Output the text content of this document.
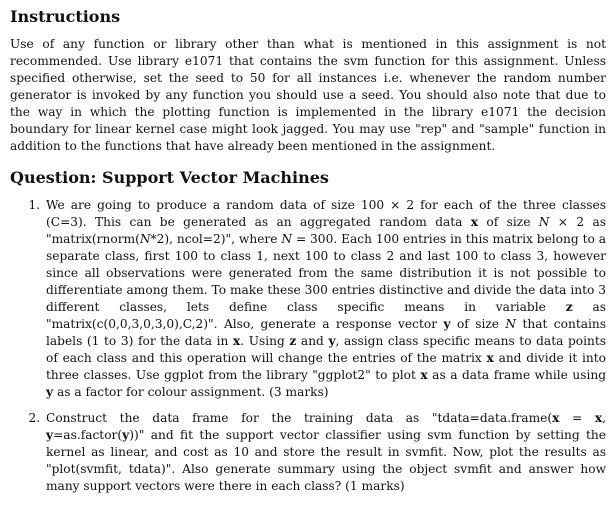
Instructions

Use of any function or library other than what is mentioned in this assignment is not recommended. Use library e1071 that contains the svm function for this assignment. Unless specified otherwise, set the seed to 50 for all instances i.e. whenever the random number generator is invoked by any function you should use a seed. You should also note that due to the way in which the plotting function is implemented in the library e1071 the decision boundary for linear kernel case might look jagged. You may use "rep" and "sample" function in addition to the functions that have already been mentioned in the assignment.

Question: Support Vector Machines
1. We are going to produce a random data of size 100 × 2 for each of the three classes (C=3). This can be generated as an aggregated random data x of size N × 2 as "matrix(rnorm(N*2), ncol=2)", where N = 300. Each 100 entries in this matrix belong to a separate class, first 100 to class 1, next 100 to class 2 and last 100 to class 3, however since all observations were generated from the same distribution it is not possible to differentiate among them. To make these 300 entries distinctive and divide the data into 3 different classes, lets define class specific means in variable z as "matrix(c(0,0,3,0,3,0),C,2)". Also, generate a response vector y of size N that contains labels (1 to 3) for the data in x. Using z and y, assign class specific means to data points of each class and this operation will change the entries of the matrix x and divide it into three classes. Use ggplot from the library "ggplot2" to plot x as a data frame while using y as a factor for colour assignment. (3 marks)
2. Construct the data frame for the training data as "tdata=data.frame(x = x, y=as.factor(y))" and fit the support vector classifier using svm function by setting the kernel as linear, and cost as 10 and store the result in svmfit. Now, plot the results as "plot(svmfit, tdata)". Also generate summary using the object svmfit and answer how many support vectors were there in each class? (1 marks)
